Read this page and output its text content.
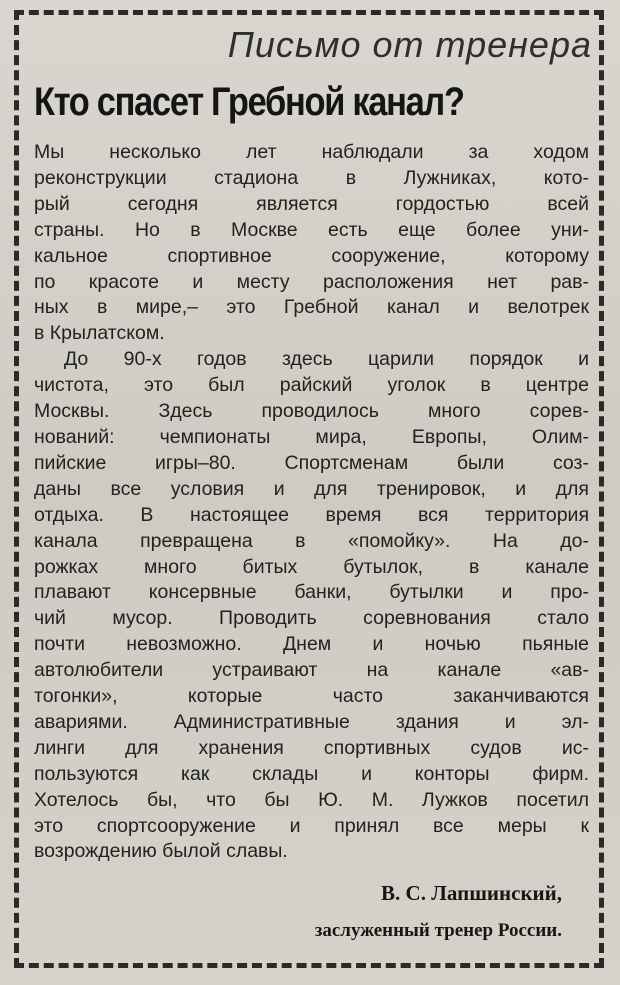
Письмо от тренера
Кто спасет Гребной канал?

Мы несколько лет наблюдали за ходом
реконструкции стадиона в Лужниках, кото-
рый сегодня является гордостью всей
страны. Но в Москве есть еще более уни-
кальное спортивное сооружение, которому
по красоте и месту расположения нет рав-
ных в мире,– это Гребной канал и велотрек
в Крылатском.

До 90-х годов здесь царили порядок и
чистота, это был райский уголок в центре
Москвы. Здесь проводилось много сорев-
нований: чемпионаты мира, Европы, Олим-
пийские игры–80. Спортсменам были соз-
даны все условия и для тренировок, и для
отдыха. В настоящее время вся территория
канала превращена в «помойку». На до-
рожках много битых бутылок, в канале
плавают консервные банки, бутылки и про-
чий мусор. Проводить соревнования стало
почти невозможно. Днем и ночью пьяные
автолюбители устраивают на канале «ав-
тогонки», которые часто заканчиваются
авариями. Административные здания и эл-
линги для хранения спортивных судов ис-
пользуются как склады и конторы фирм.
Хотелось бы, что бы Ю. М. Лужков посетил
это спортсооружение и принял все меры к
возрождению былой славы.

В. С. Лапшинский,
заслуженный тренер России.
